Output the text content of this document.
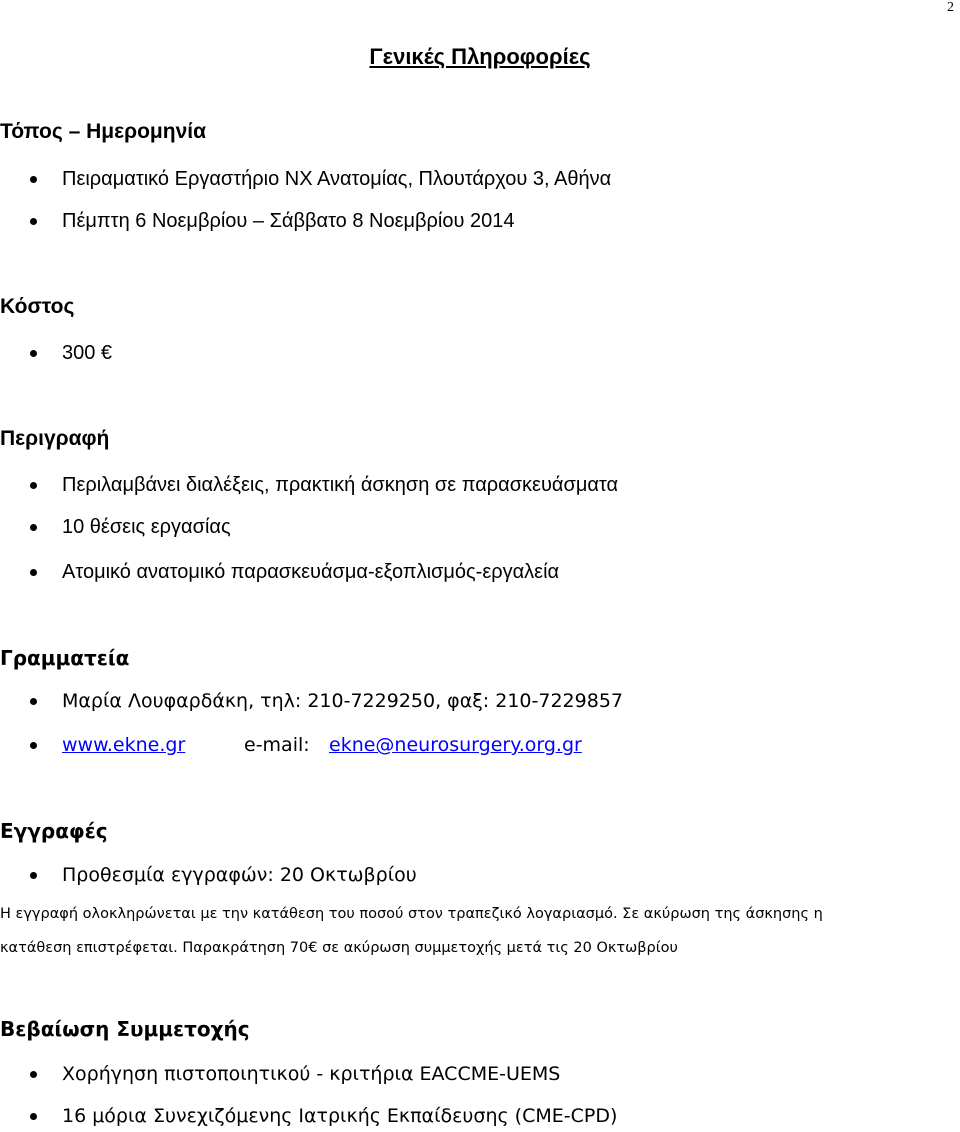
2
Γενικές Πληροφορίες
Τόπος – Ημερομηνία
Πειραματικό Εργαστήριο ΝΧ Ανατομίας, Πλουτάρχου 3, Αθήνα
Πέμπτη 6 Νοεμβρίου – Σάββατο 8 Νοεμβρίου 2014
Κόστος
300 €
Περιγραφή
Περιλαμβάνει διαλέξεις, πρακτική άσκηση σε παρασκευάσματα
10 θέσεις εργασίας
Ατομικό ανατομικό παρασκευάσμα-εξοπλισμός-εργαλεία
Γραμματεία
Μαρία Λουφαρδάκη, τηλ: 210-7229250, φαξ: 210-7229857
www.ekne.gr	e-mail: ekne@neurosurgery.org.gr
Εγγραφές
Προθεσμία εγγραφών: 20 Οκτωβρίου
Η εγγραφή ολοκληρώνεται με την κατάθεση του ποσού στον τραπεζικό λογαριασμό. Σε ακύρωση της άσκησης η
κατάθεση επιστρέφεται. Παρακράτηση 70€ σε ακύρωση συμμετοχής μετά τις 20 Οκτωβρίου
Βεβαίωση Συμμετοχής
Χορήγηση πιστοποιητικού - κριτήρια EACCME-UEMS
16 μόρια Συνεχιζόμενης Ιατρικής Εκπαίδευσης (CME-CPD)
